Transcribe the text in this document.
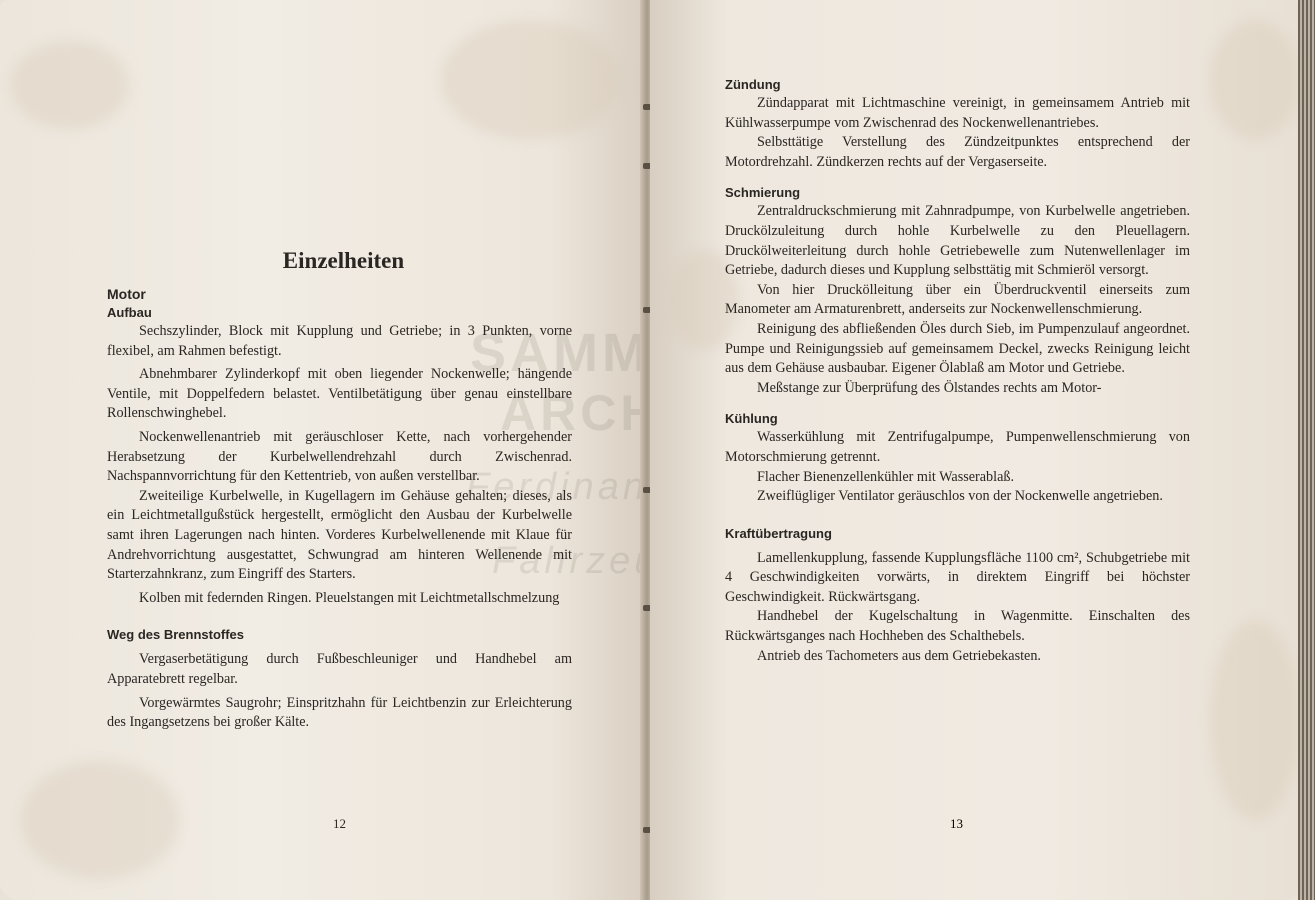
ARCHIV
Ferdinand
Einzelheiten
Motor
Aufbau

Sechszylinder, Block mit Kupplung und Getriebe; in 3 Punkten, vorne flexibel, am Rahmen befestigt.

Abnehmbarer Zylinderkopf mit oben liegender Nockenwelle; hängende Ventile, mit Doppelfedern belastet. Ventilbetätigung über genau einstellbare Rollenschwinghebel.

Nockenwellenantrieb mit geräuschloser Kette, nach vorhergehender Herabsetzung der Kurbelwellendrehzahl durch Zwischenrad. Nachspannvorrichtung für den Kettentrieb, von außen verstellbar.

Zweiteilige Kurbelwelle, in Kugellagern im Gehäuse gehalten; dieses, als ein Leichtmetallgußstück hergestellt, ermöglicht den Ausbau der Kurbelwelle samt ihren Lagerungen nach hinten. Vorderes Kurbelwellenende mit Klaue für Andrehvorrichtung ausgestattet, Schwungrad am hinteren Wellenende mit Starterzahnkranz, zum Eingriff des Starters.

Kolben mit federnden Ringen. Pleuelstangen mit Leichtmetallschmelzung

Weg des Brennstoffes

Vergaserbetätigung durch Fußbeschleuniger und Handhebel am Apparatebrett regelbar.

Vorgewärmtes Saugrohr; Einspritzhahn für Leichtbenzin zur Erleichterung des Ingangsetzens bei großer Kälte.

12
Zündung

Zündapparat mit Lichtmaschine vereinigt, in gemeinsamem Antrieb mit Kühlwasserpumpe vom Zwischenrad des Nockenwellenantriebes.

Selbsttätige Verstellung des Zündzeitpunktes entsprechend der Motordrehzahl. Zündkerzen rechts auf der Vergaserseite.

Schmierung

Zentraldruckschmierung mit Zahnradpumpe, von Kurbelwelle angetrieben. Druckölzuleitung durch hohle Kurbelwelle zu den Pleuellagern. Druckölweiterleitung durch hohle Getriebewelle zum Nutenwellenlager im Getriebe, dadurch dieses und Kupplung selbsttätig mit Schmieröl versorgt.

Von hier Druckölleitung über ein Überdruckventil einerseits zum Manometer am Armaturenbrett, anderseits zur Nockenwellenschmierung.

Reinigung des abfließenden Öles durch Sieb, im Pumpenzulauf angeordnet. Pumpe und Reinigungssieb auf gemeinsamem Deckel, zwecks Reinigung leicht aus dem Gehäuse ausbaubar. Eigener Ölablaß am Motor und Getriebe.

Meßstange zur Überprüfung des Ölstandes rechts am Motor-

Kühlung

Wasserkühlung mit Zentrifugalpumpe, Pumpenwellenschmierung von Motorschmierung getrennt.

Flacher Bienenzellenkühler mit Wasserablaß.

Zweiflügliger Ventilator geräuschlos von der Nockenwelle angetrieben.

Kraftübertragung

Lamellenkupplung, fassende Kupplungsfläche 1100 cm², Schubgetriebe mit 4 Geschwindigkeiten vorwärts, in direktem Eingriff bei höchster Geschwindigkeit. Rückwärtsgang.

Handhebel der Kugelschaltung in Wagenmitte. Einschalten des Rückwärtsganges nach Hochheben des Schalthebels.

Antrieb des Tachometers aus dem Getriebekasten.

13
